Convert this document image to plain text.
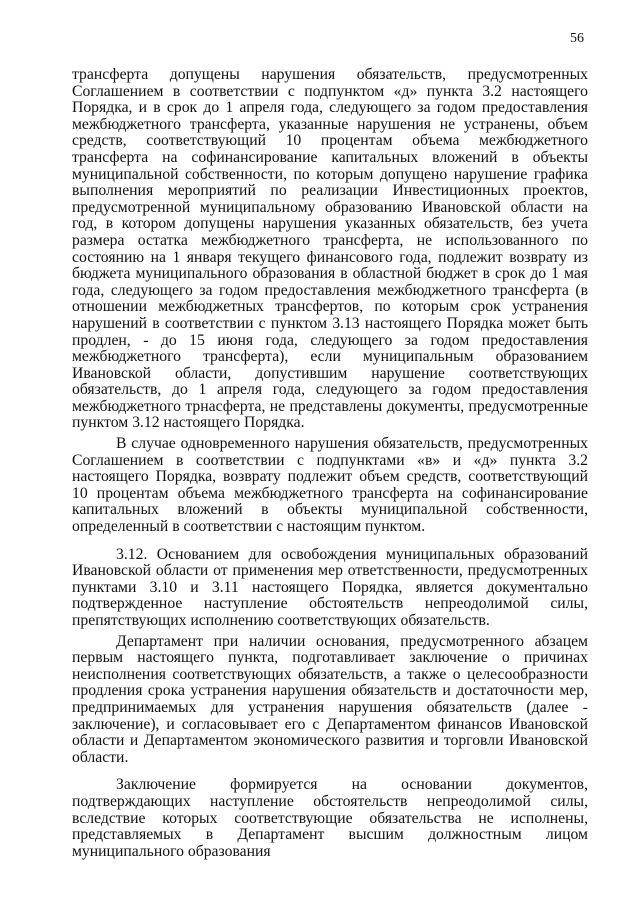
56

трансферта допущены нарушения обязательств, предусмотренных Соглашением в соответствии с подпунктом «д» пункта 3.2 настоящего Порядка, и в срок до 1 апреля года, следующего за годом предоставления межбюджетного трансферта, указанные нарушения не устранены, объем средств, соответствующий 10 процентам объема межбюджетного трансферта на софинансирование капитальных вложений в объекты муниципальной собственности, по которым допущено нарушение графика выполнения мероприятий по реализации Инвестиционных проектов, предусмотренной муниципальному образованию Ивановской области на год, в котором допущены нарушения указанных обязательств, без учета размера остатка межбюджетного трансферта, не использованного по состоянию на 1 января текущего финансового года, подлежит возврату из бюджета муниципального образования в областной бюджет в срок до 1 мая года, следующего за годом предоставления межбюджетного трансферта (в отношении межбюджетных трансфертов, по которым срок устранения нарушений в соответствии с пунктом 3.13 настоящего Порядка может быть продлен, - до 15 июня года, следующего за годом предоставления межбюджетного трансферта), если муниципальным образованием Ивановской области, допустившим нарушение соответствующих обязательств, до 1 апреля года, следующего за годом предоставления межбюджетного трнасферта, не представлены документы, предусмотренные пунктом 3.12 настоящего Порядка.

В случае одновременного нарушения обязательств, предусмотренных Соглашением в соответствии с подпунктами «в» и «д» пункта 3.2 настоящего Порядка, возврату подлежит объем средств, соответствующий 10 процентам объема межбюджетного трансферта на софинансирование капитальных вложений в объекты муниципальной собственности, определенный в соответствии с настоящим пунктом.

3.12. Основанием для освобождения муниципальных образований Ивановской области от применения мер ответственности, предусмотренных пунктами 3.10 и 3.11 настоящего Порядка, является документально подтвержденное наступление обстоятельств непреодолимой силы, препятствующих исполнению соответствующих обязательств.

Департамент при наличии основания, предусмотренного абзацем первым настоящего пункта, подготавливает заключение о причинах неисполнения соответствующих обязательств, а также о целесообразности продления срока устранения нарушения обязательств и достаточности мер, предпринимаемых для устранения нарушения обязательств (далее - заключение), и согласовывает его с Департаментом финансов Ивановской области и Департаментом экономического развития и торговли Ивановской области.

Заключение формируется на основании документов, подтверждающих наступление обстоятельств непреодолимой силы, вследствие которых соответствующие обязательства не исполнены, представляемых в Департамент высшим должностным лицом муниципального образования
